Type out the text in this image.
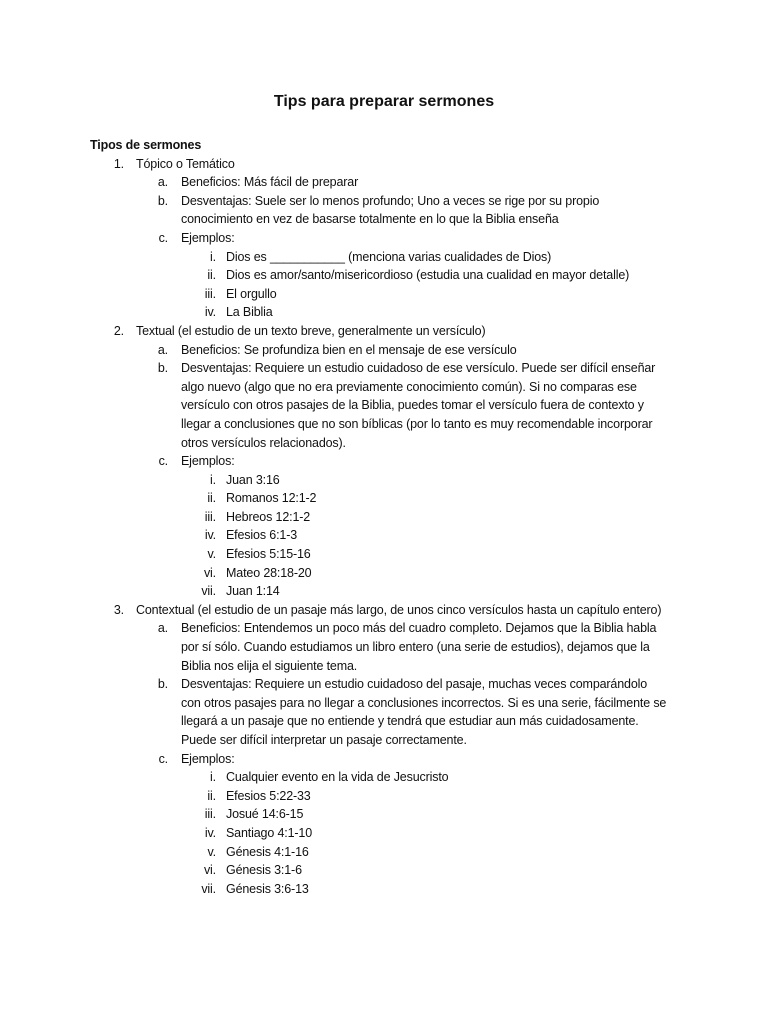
Tips para preparar sermones
Tipos de sermones
1. Tópico o Temático
a. Beneficios: Más fácil de preparar
b. Desventajas: Suele ser lo menos profundo; Uno a veces se rige por su propio
conocimiento en vez de basarse totalmente en lo que la Biblia enseña
c. Ejemplos:
i. Dios es ___________ (menciona varias cualidades de Dios)
ii. Dios es amor/santo/misericordioso (estudia una cualidad en mayor detalle)
iii. El orgullo
iv. La Biblia
2. Textual (el estudio de un texto breve, generalmente un versículo)
a. Beneficios: Se profundiza bien en el mensaje de ese versículo
b. Desventajas: Requiere un estudio cuidadoso de ese versículo. Puede ser difícil enseñar
algo nuevo (algo que no era previamente conocimiento común). Si no comparas ese
versículo con otros pasajes de la Biblia, puedes tomar el versículo fuera de contexto y
llegar a conclusiones que no son bíblicas (por lo tanto es muy recomendable incorporar
otros versículos relacionados).
c. Ejemplos:
i. Juan 3:16
ii. Romanos 12:1-2
iii. Hebreos 12:1-2
iv. Efesios 6:1-3
v. Efesios 5:15-16
vi. Mateo 28:18-20
vii. Juan 1:14
3. Contextual (el estudio de un pasaje más largo, de unos cinco versículos hasta un capítulo entero)
a. Beneficios: Entendemos un poco más del cuadro completo. Dejamos que la Biblia habla
por sí sólo. Cuando estudiamos un libro entero (una serie de estudios), dejamos que la
Biblia nos elija el siguiente tema.
b. Desventajas: Requiere un estudio cuidadoso del pasaje, muchas veces comparándolo
con otros pasajes para no llegar a conclusiones incorrectos. Si es una serie, fácilmente se
llegará a un pasaje que no entiende y tendrá que estudiar aun más cuidadosamente.
Puede ser difícil interpretar un pasaje correctamente.
c. Ejemplos:
i. Cualquier evento en la vida de Jesucristo
ii. Efesios 5:22-33
iii. Josué 14:6-15
iv. Santiago 4:1-10
v. Génesis 4:1-16
vi. Génesis 3:1-6
vii. Génesis 3:6-13
